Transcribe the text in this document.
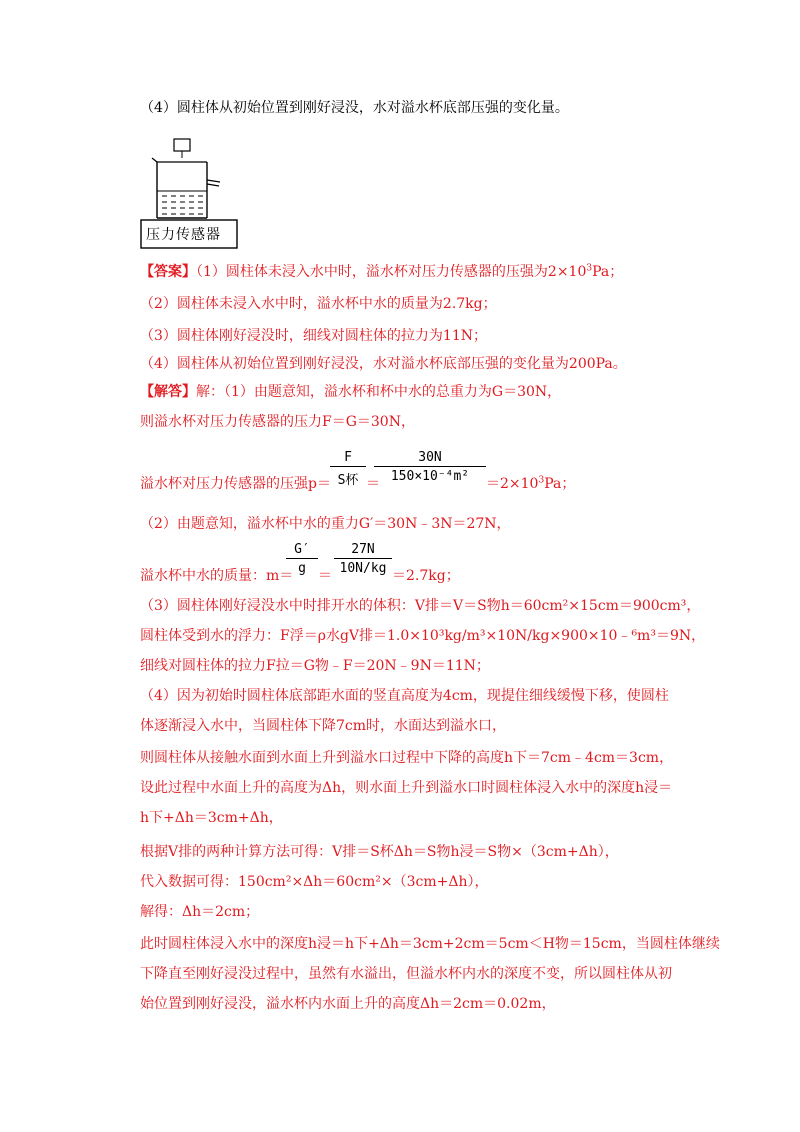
（4）圆柱体从初始位置到刚好浸没，水对溢水杯底部压强的变化量。
压力传感器
【答案】（1）圆柱体未浸入水中时，溢水杯对压力传感器的压强为$2\times 10^3Pa$；
（2）圆柱体未浸入水中时，溢水杯中水的质量为2.7kg；
（3）圆柱体刚好浸没时，细线对圆柱体的拉力为11N；
（4）圆柱体从初始位置到刚好浸没，水对溢水杯底部压强的变化量为200Pa。
【解答】解：（1）由题意知，溢水杯和杯中水的总重力为G＝30N，
则溢水杯对压力传感器的压力F＝G＝30N，
溢水杯对压力传感器的压强p＝
F
S杯 ＝
$\frac{30N}{\text{150×10⁻⁴m²}} =2\times 10^3Pa$；
（2）由题意知，溢水杯中水的重力G′＝30N﹣3N＝27N，
溢水杯中水的质量：m＝
$\frac{G'}{g} = \frac{27N}{10N/kg} =2.7kg$；
（3）圆柱体刚好浸没水中时排开水的体积：V排＝V＝S物h＝60cm²×15cm＝900cm³，
圆柱体受到水的浮力：F浮＝ρ水gV排＝1.0×10³kg/m³×10N/kg×900×10﹣⁶m³＝9N，
细线对圆柱体的拉力F拉＝G物﹣F＝20N﹣9N＝11N；
（4）因为初始时圆柱体底部距水面的竖直高度为4cm，现提住细线缓慢下移，使圆柱
体逐渐浸入水中，当圆柱体下降7cm时，水面达到溢水口，
则圆柱体从接触水面到水面上升到溢水口过程中下降的高度h下＝7cm﹣4cm＝3cm，
设此过程中水面上升的高度为Δh，则水面上升到溢水口时圆柱体浸入水中的深度h浸＝
h下+Δh＝3cm+Δh，
根据V排的两种计算方法可得：V排＝S杯Δh＝S物h浸＝S物×（3cm+Δh），
代入数据可得：150cm²×Δh＝60cm²×（3cm+Δh），
解得：Δh＝2cm；
此时圆柱体浸入水中的深度h浸＝h下+Δh＝3cm+2cm＝5cm＜H物＝15cm，当圆柱体继续
下降直至刚好浸没过程中，虽然有水溢出，但溢水杯内水的深度不变，所以圆柱体从初
始位置到刚好浸没，溢水杯内水面上升的高度Δh＝2cm＝0.02m，
